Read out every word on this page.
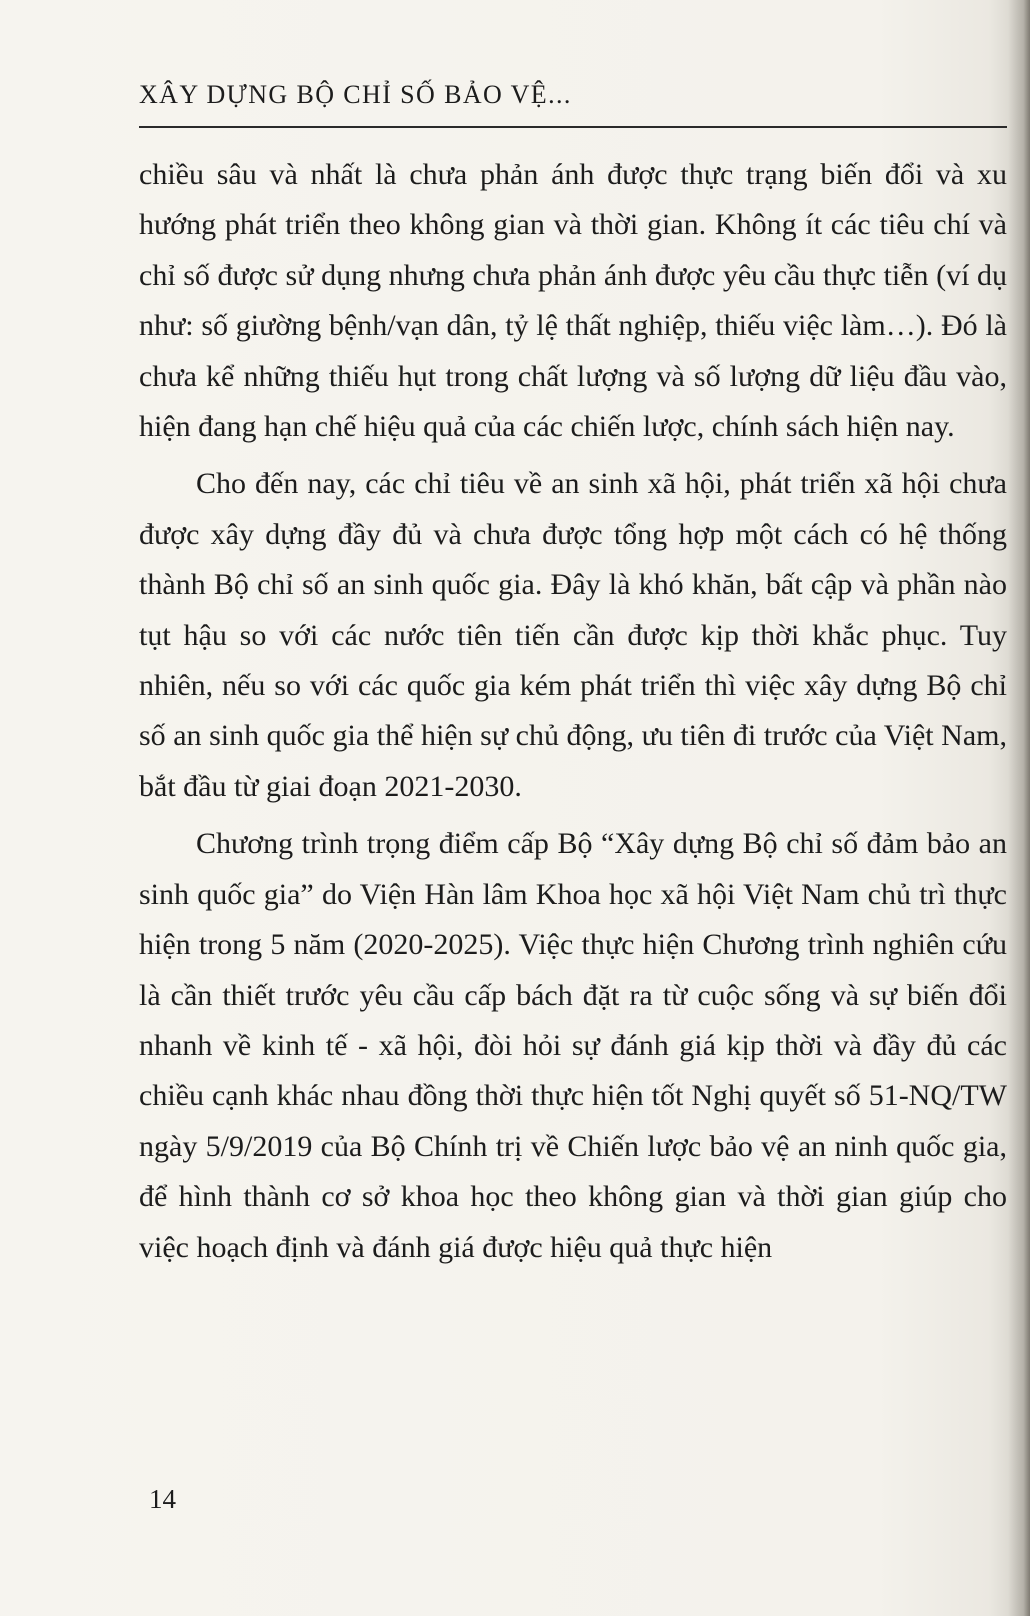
XÂY DỰNG BỘ CHỈ SỐ BẢO VỆ...

chiều sâu và nhất là chưa phản ánh được thực trạng biến đổi và xu hướng phát triển theo không gian và thời gian. Không ít các tiêu chí và chỉ số được sử dụng nhưng chưa phản ánh được yêu cầu thực tiễn (ví dụ như: số giường bệnh/vạn dân, tỷ lệ thất nghiệp, thiếu việc làm…). Đó là chưa kể những thiếu hụt trong chất lượng và số lượng dữ liệu đầu vào, hiện đang hạn chế hiệu quả của các chiến lược, chính sách hiện nay.

Cho đến nay, các chỉ tiêu về an sinh xã hội, phát triển xã hội chưa được xây dựng đầy đủ và chưa được tổng hợp một cách có hệ thống thành Bộ chỉ số an sinh quốc gia. Đây là khó khăn, bất cập và phần nào tụt hậu so với các nước tiên tiến cần được kịp thời khắc phục. Tuy nhiên, nếu so với các quốc gia kém phát triển thì việc xây dựng Bộ chỉ số an sinh quốc gia thể hiện sự chủ động, ưu tiên đi trước của Việt Nam, bắt đầu từ giai đoạn 2021-2030.

Chương trình trọng điểm cấp Bộ “Xây dựng Bộ chỉ số đảm bảo an sinh quốc gia” do Viện Hàn lâm Khoa học xã hội Việt Nam chủ trì thực hiện trong 5 năm (2020-2025). Việc thực hiện Chương trình nghiên cứu là cần thiết trước yêu cầu cấp bách đặt ra từ cuộc sống và sự biến đổi nhanh về kinh tế - xã hội, đòi hỏi sự đánh giá kịp thời và đầy đủ các chiều cạnh khác nhau đồng thời thực hiện tốt Nghị quyết số 51-NQ/TW ngày 5/9/2019 của Bộ Chính trị về Chiến lược bảo vệ an ninh quốc gia, để hình thành cơ sở khoa học theo không gian và thời gian giúp cho việc hoạch định và đánh giá được hiệu quả thực hiện

14
